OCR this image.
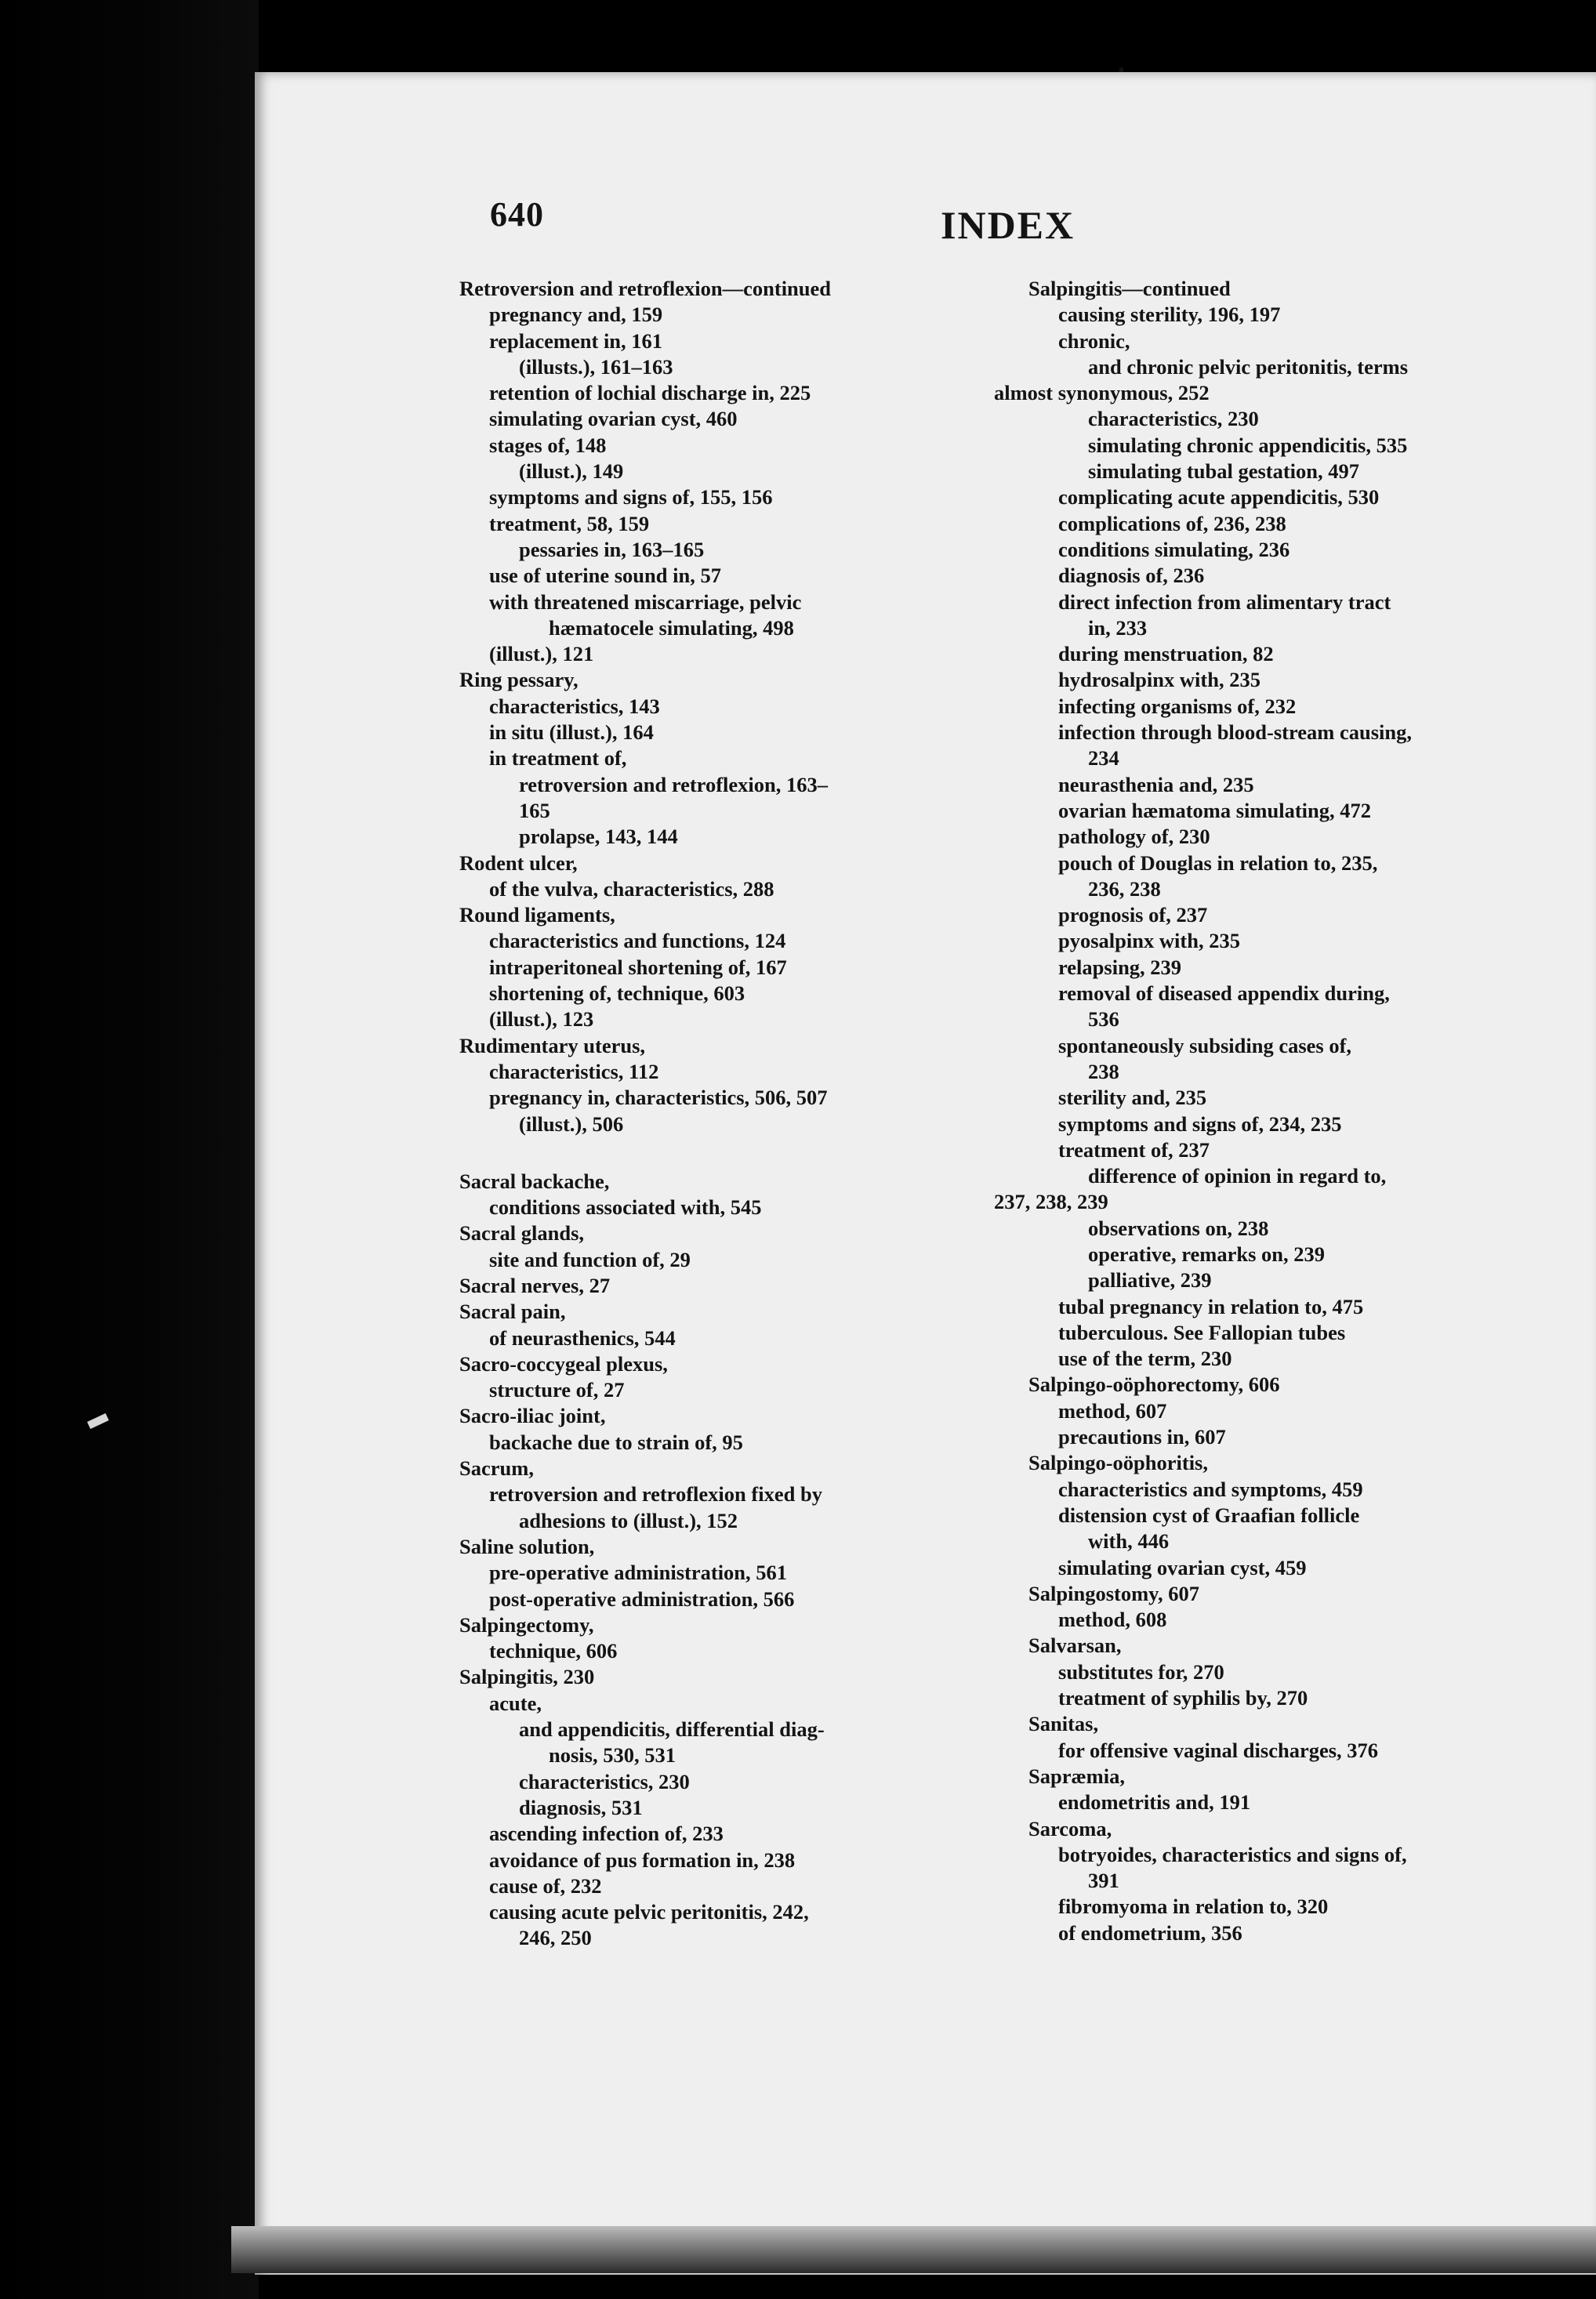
640	INDEX
Retroversion and retroflexion—continued
pregnancy and, 159
replacement in, 161
(illusts.), 161–163
retention of lochial discharge in, 225
simulating ovarian cyst, 460
stages of, 148
(illust.), 149
symptoms and signs of, 155, 156
treatment, 58, 159
pessaries in, 163–165
use of uterine sound in, 57
with threatened miscarriage, pelvic
hæmatocele simulating, 498
(illust.), 121
Ring pessary,
characteristics, 143
in situ (illust.), 164
in treatment of,
retroversion and retroflexion, 163–
165
prolapse, 143, 144
Rodent ulcer,
of the vulva, characteristics, 288
Round ligaments,
characteristics and functions, 124
intraperitoneal shortening of, 167
shortening of, technique, 603
(illust.), 123
Rudimentary uterus,
characteristics, 112
pregnancy in, characteristics, 506, 507
(illust.), 506
Sacral backache,
conditions associated with, 545
Sacral glands,
site and function of, 29
Sacral nerves, 27
Sacral pain,
of neurasthenics, 544
Sacro-coccygeal plexus,
structure of, 27
Sacro-iliac joint,
backache due to strain of, 95
Sacrum,
retroversion and retroflexion fixed by
adhesions to (illust.), 152
Saline solution,
pre-operative administration, 561
post-operative administration, 566
Salpingectomy,
technique, 606
Salpingitis, 230
acute,
and appendicitis, differential diag-
nosis, 530, 531
characteristics, 230
diagnosis, 531
ascending infection of, 233
avoidance of pus formation in, 238
cause of, 232
causing acute pelvic peritonitis, 242,
246, 250
Salpingitis—continued
causing sterility, 196, 197
chronic,
and chronic pelvic peritonitis, terms
almost synonymous, 252
characteristics, 230
simulating chronic appendicitis, 535
simulating tubal gestation, 497
complicating acute appendicitis, 530
complications of, 236, 238
conditions simulating, 236
diagnosis of, 236
direct infection from alimentary tract
in, 233
during menstruation, 82
hydrosalpinx with, 235
infecting organisms of, 232
infection through blood-stream causing,
234
neurasthenia and, 235
ovarian hæmatoma simulating, 472
pathology of, 230
pouch of Douglas in relation to, 235,
236, 238
prognosis of, 237
pyosalpinx with, 235
relapsing, 239
removal of diseased appendix during,
536
spontaneously subsiding cases of,
238
sterility and, 235
symptoms and signs of, 234, 235
treatment of, 237
difference of opinion in regard to,
237, 238, 239
observations on, 238
operative, remarks on, 239
palliative, 239
tubal pregnancy in relation to, 475
tuberculous. See Fallopian tubes
use of the term, 230
Salpingo-oöphorectomy, 606
method, 607
precautions in, 607
Salpingo-oöphoritis,
characteristics and symptoms, 459
distension cyst of Graafian follicle
with, 446
simulating ovarian cyst, 459
Salpingostomy, 607
method, 608
Salvarsan,
substitutes for, 270
treatment of syphilis by, 270
Sanitas,
for offensive vaginal discharges, 376
Sapræmia,
endometritis and, 191
Sarcoma,
botryoides, characteristics and signs of,
391
fibromyoma in relation to, 320
of endometrium, 356
